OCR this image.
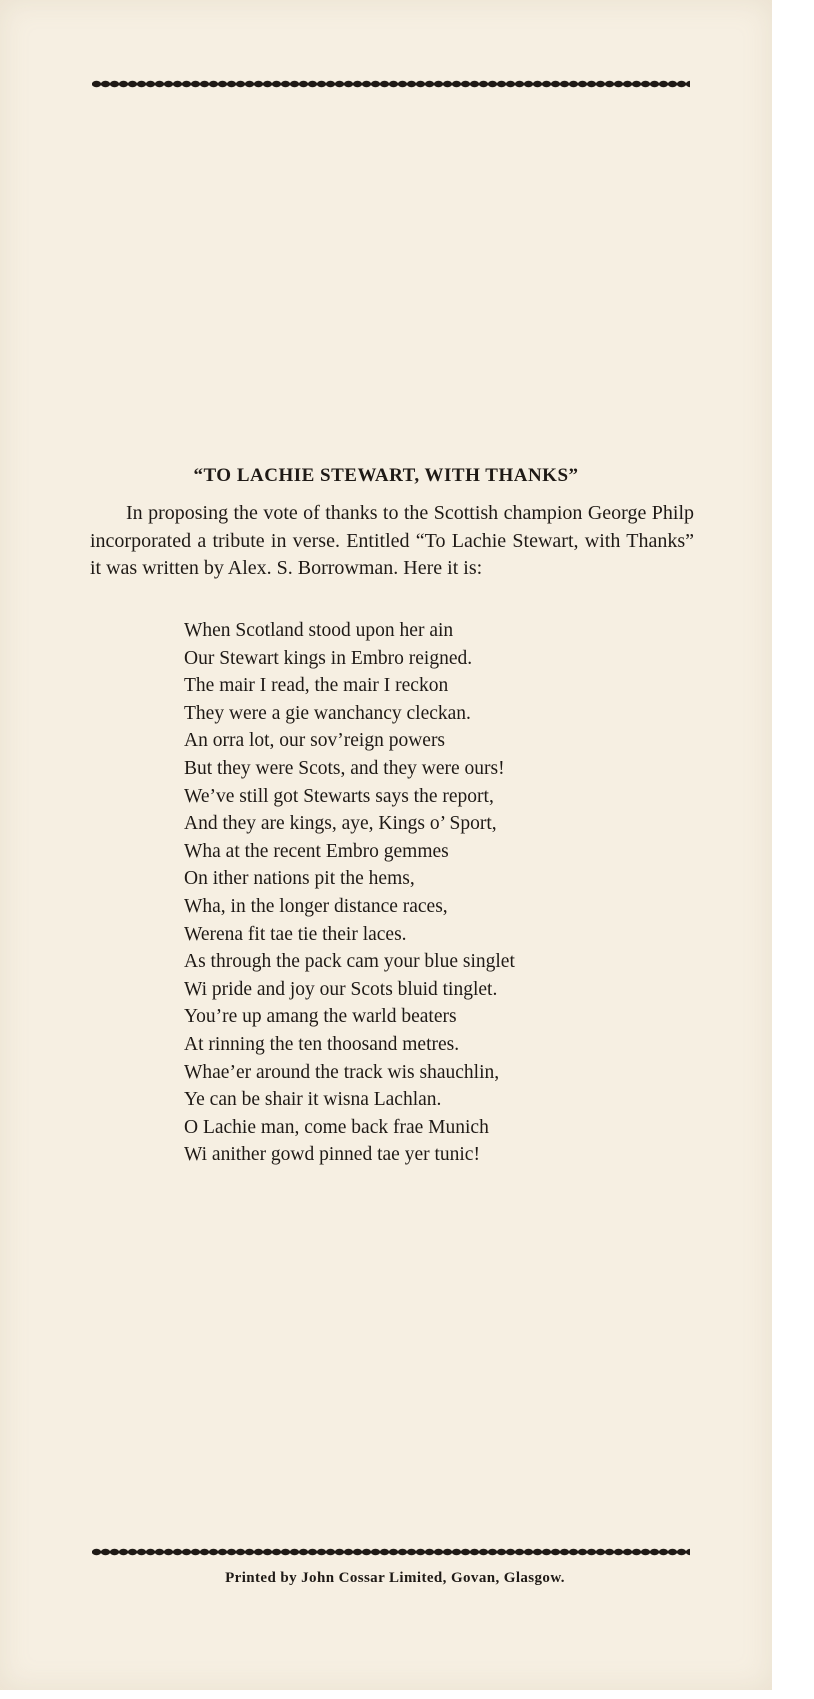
“TO LACHIE STEWART, WITH THANKS”

In proposing the vote of thanks to the Scottish champion George Philp incorporated a tribute in verse. Entitled “To Lachie Stewart, with Thanks” it was written by Alex. S. Borrowman. Here it is:

When Scotland stood upon her ain
Our Stewart kings in Embro reigned.
The mair I read, the mair I reckon
They were a gie wanchancy cleckan.
An orra lot, our sov’reign powers
But they were Scots, and they were ours!
We’ve still got Stewarts says the report,
And they are kings, aye, Kings o’ Sport,
Wha at the recent Embro gemmes
On ither nations pit the hems,
Wha, in the longer distance races,
Werena fit tae tie their laces.
As through the pack cam your blue singlet
Wi pride and joy our Scots bluid tinglet.
You’re up amang the warld beaters
At rinning the ten thoosand metres.
Whae’er around the track wis shauchlin,
Ye can be shair it wisna Lachlan.
O Lachie man, come back frae Munich
Wi anither gowd pinned tae yer tunic!
Printed by John Cossar Limited, Govan, Glasgow.
